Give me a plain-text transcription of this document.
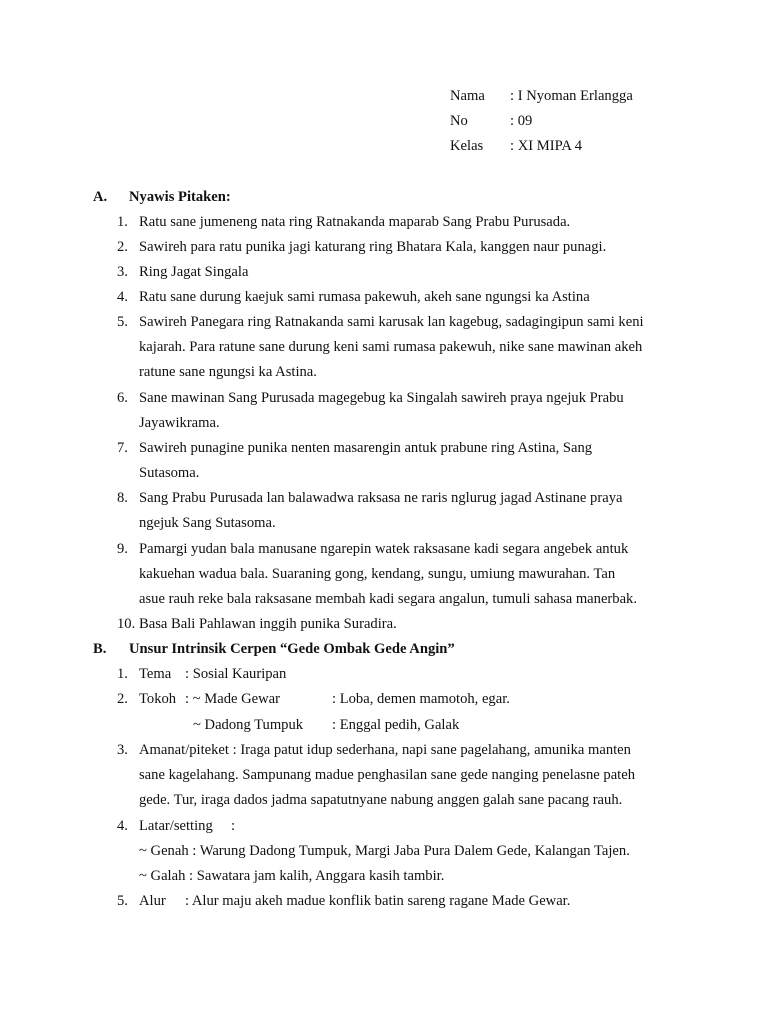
Nama : I Nyoman Erlangga
No	: 09
Kelas : XI MIPA 4
A. Nyawis Pitaken:
1. Ratu sane jumeneng nata ring Ratnakanda maparab Sang Prabu Purusada.
2. Sawireh para ratu punika jagi katurang ring Bhatara Kala, kanggen naur punagi.
3. Ring Jagat Singala
4. Ratu sane durung kaejuk sami rumasa pakewuh, akeh sane ngungsi ka Astina
5. Sawireh Panegara ring Ratnakanda sami karusak lan kagebug, sadagingipun sami keni
kajarah. Para ratune sane durung keni sami rumasa pakewuh, nike sane mawinan akeh
ratune sane ngungsi ka Astina.
6. Sane mawinan Sang Purusada magegebug ka Singalah sawireh praya ngejuk Prabu
Jayawikrama.
7. Sawireh punagine punika nenten masarengin antuk prabune ring Astina, Sang
Sutasoma.
8. Sang Prabu Purusada lan balawadwa raksasa ne raris nglurug jagad Astinane praya
ngejuk Sang Sutasoma.
9. Pamargi yudan bala manusane ngarepin watek raksasane kadi segara angebek antuk
kakuehan wadua bala. Suaraning gong, kendang, sungu, umiung mawurahan. Tan
asue rauh reke bala raksasane membah kadi segara angalun, tumuli sahasa manerbak.
10. Basa Bali Pahlawan inggih punika Suradira.
B. Unsur Intrinsik Cerpen “Gede Ombak Gede Angin”
1. Tema : Sosial Kauripan
2. Tokoh : ~ Made Gewar	: Loba, demen mamotoh, egar.
~ Dadong Tumpuk : Enggal pedih, Galak
3. Amanat/piteket : Iraga patut idup sederhana, napi sane pagelahang, amunika manten
sane kagelahang. Sampunang madue penghasilan sane gede nanging penelasne pateh
gede. Tur, iraga dados jadma sapatutnyane nabung anggen galah sane pacang rauh.
4. Latar/setting :
~ Genah : Warung Dadong Tumpuk, Margi Jaba Pura Dalem Gede, Kalangan Tajen.
~ Galah : Sawatara jam kalih, Anggara kasih tambir.
5. Alur : Alur maju akeh madue konflik batin sareng ragane Made Gewar.
